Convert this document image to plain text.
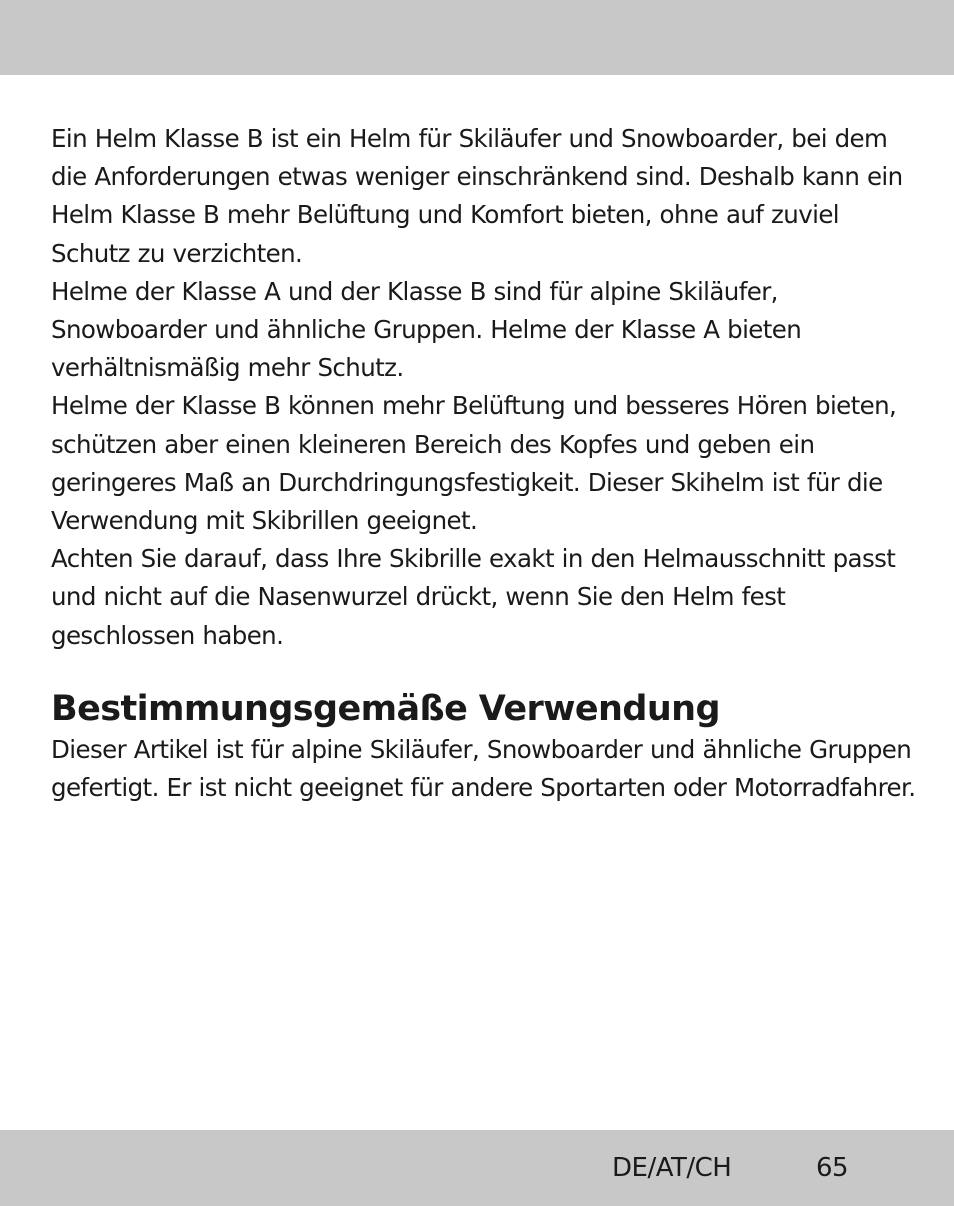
Ein Helm Klasse B ist ein Helm für Skiläufer und Snowboarder, bei dem die Anforderungen etwas weniger einschränkend sind. Deshalb kann ein Helm Klasse B mehr Belüftung und Komfort bieten, ohne auf zuviel Schutz zu verzichten.

Helme der Klasse A und der Klasse B sind für alpine Skiläufer, Snowboarder und ähnliche Gruppen. Helme der Klasse A bieten verhältnismäßig mehr Schutz.

Helme der Klasse B können mehr Belüftung und besseres Hören bieten, schützen aber einen kleineren Bereich des Kopfes und geben ein geringeres Maß an Durchdringungsfestigkeit. Dieser Skihelm ist für die Verwendung mit Skibrillen geeignet.

Achten Sie darauf, dass Ihre Skibrille exakt in den Helmausschnitt passt und nicht auf die Nasenwurzel drückt, wenn Sie den Helm fest geschlossen haben.

Bestimmungsgemäße Verwendung

Dieser Artikel ist für alpine Skiläufer, Snowboarder und ähnliche Gruppen gefertigt. Er ist nicht geeignet für andere Sportarten oder Motorradfahrer.

DE/AT/CH	65
